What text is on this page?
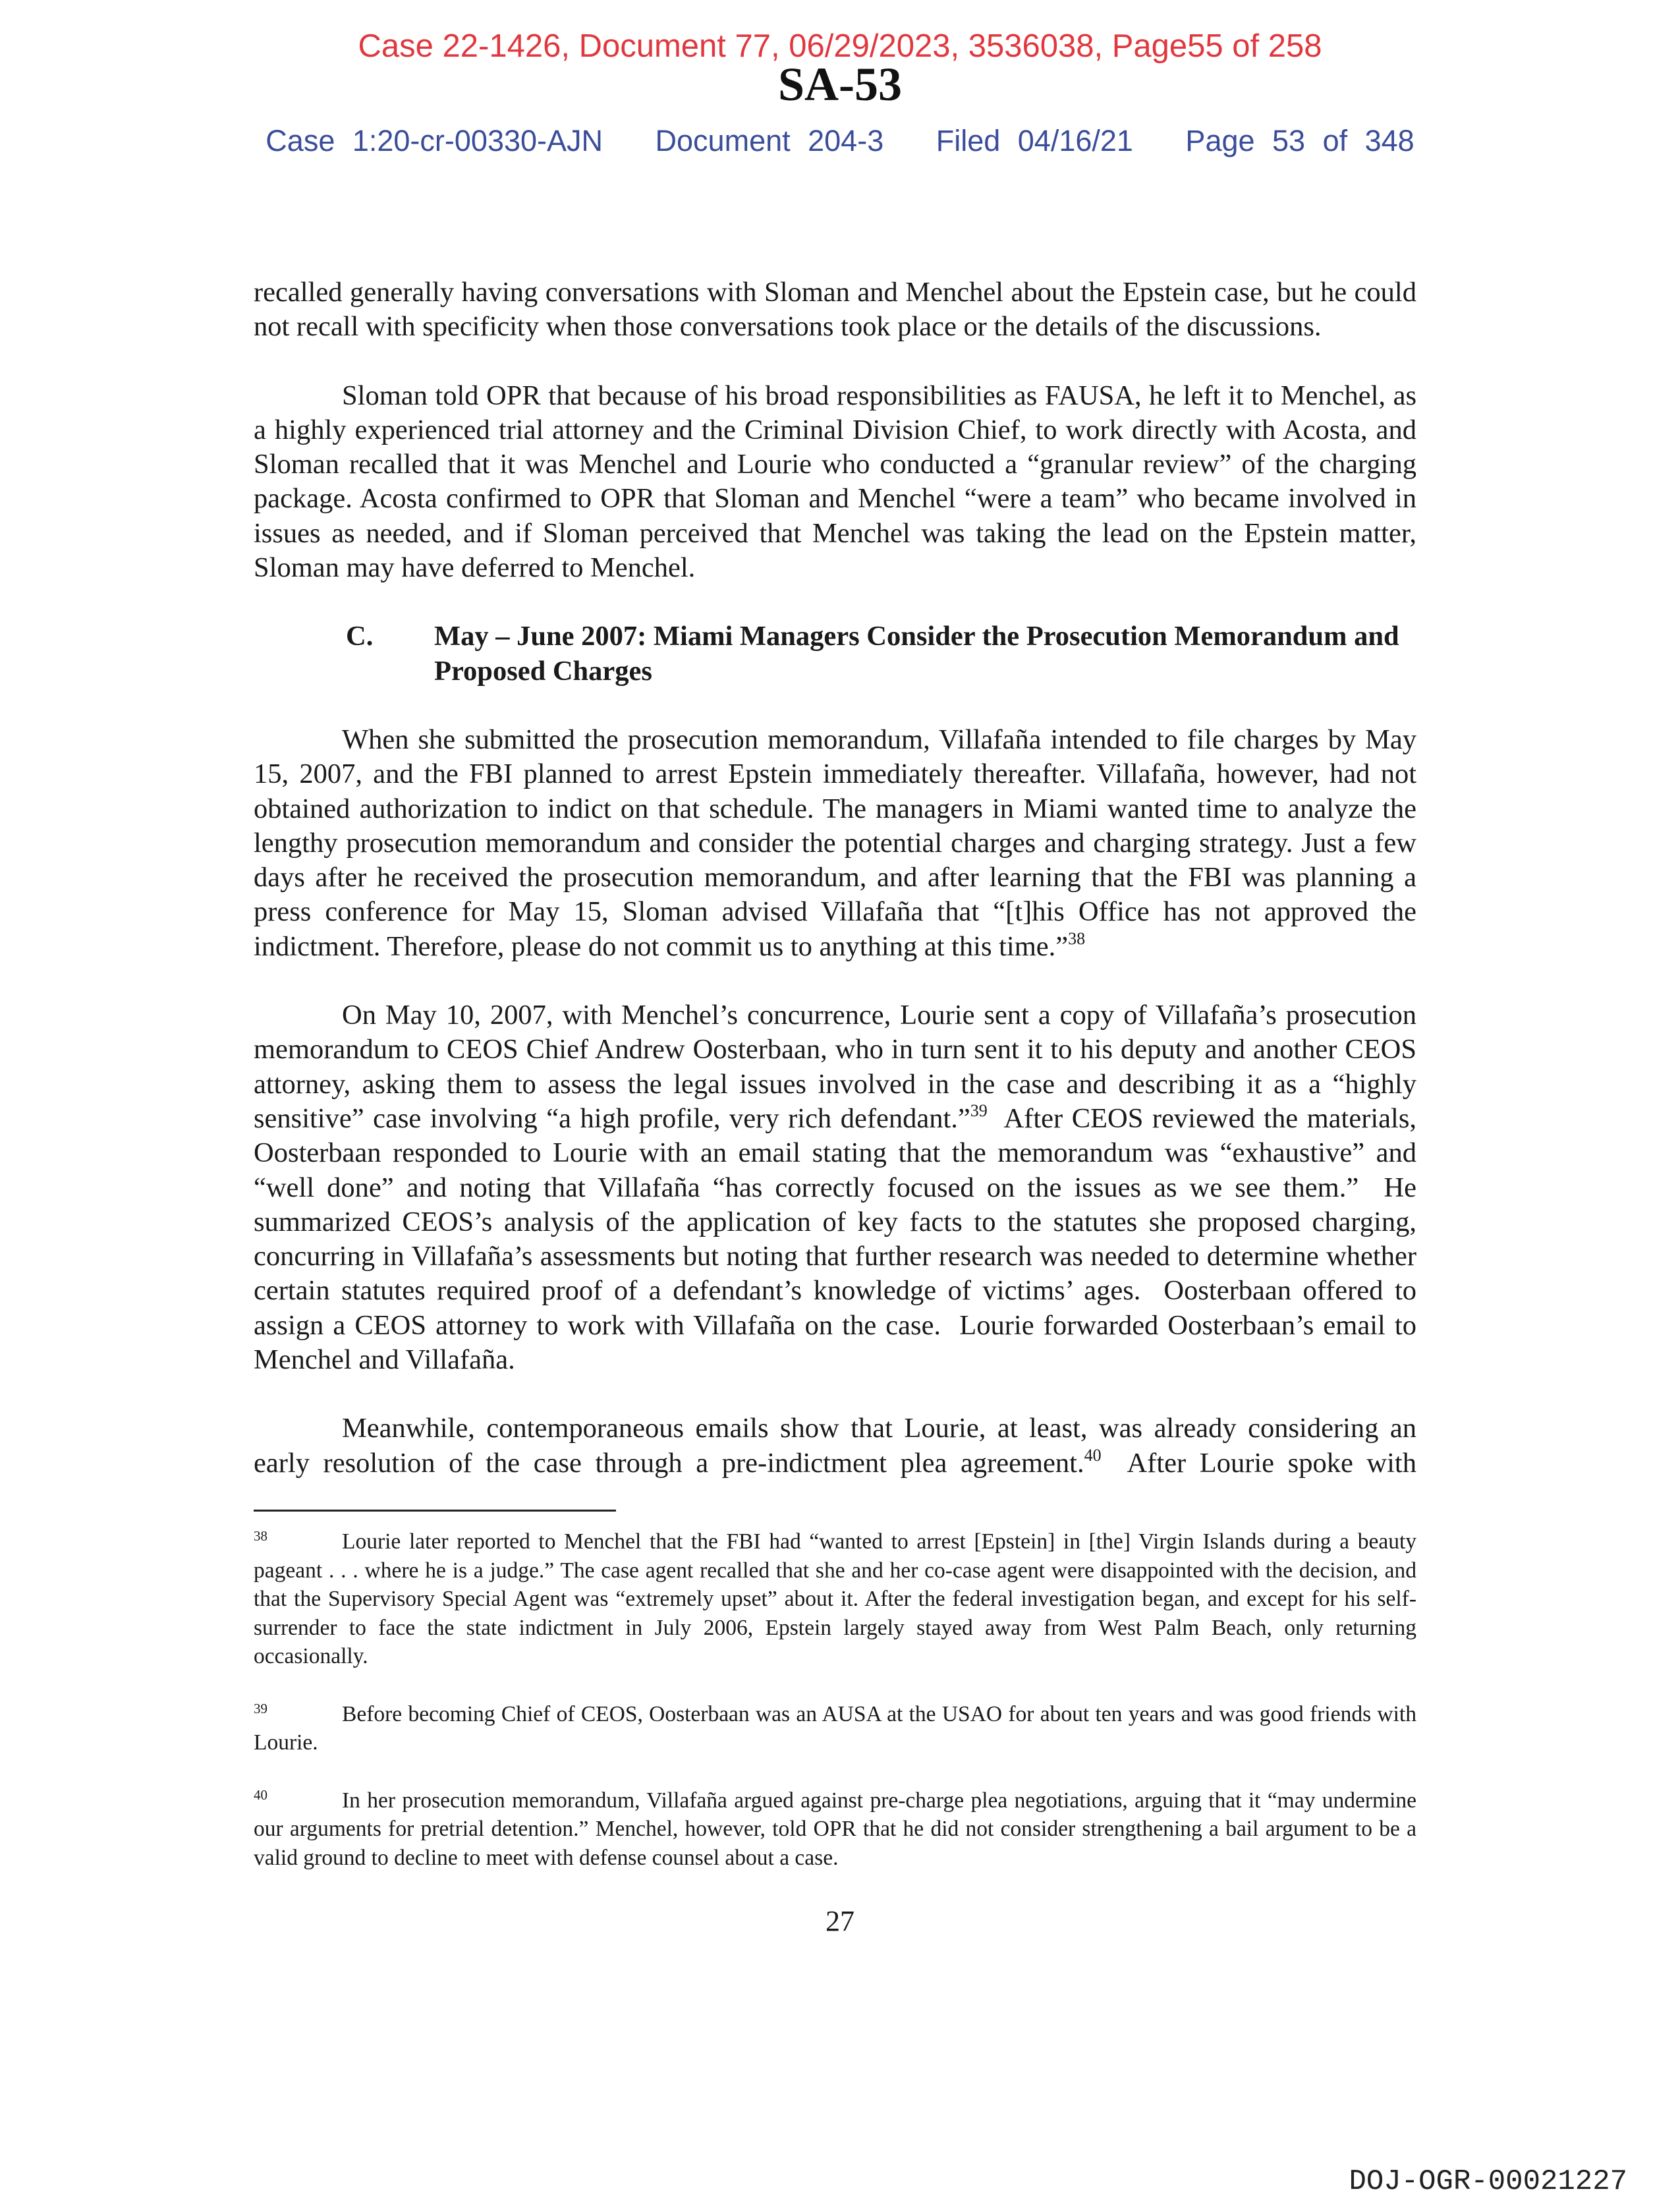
Case 22-1426, Document 77, 06/29/2023, 3536038, Page55 of 258
SA-53
Case 1:20-cr-00330-AJN   Document 204-3   Filed 04/16/21   Page 53 of 348

recalled generally having conversations with Sloman and Menchel about the Epstein case, but he could not recall with specificity when those conversations took place or the details of the discussions.

Sloman told OPR that because of his broad responsibilities as FAUSA, he left it to Menchel, as a highly experienced trial attorney and the Criminal Division Chief, to work directly with Acosta, and Sloman recalled that it was Menchel and Lourie who conducted a “granular review” of the charging package. Acosta confirmed to OPR that Sloman and Menchel “were a team” who became involved in issues as needed, and if Sloman perceived that Menchel was taking the lead on the Epstein matter, Sloman may have deferred to Menchel.

C.	May – June 2007: Miami Managers Consider the Prosecution Memorandum and Proposed Charges

When she submitted the prosecution memorandum, Villafaña intended to file charges by May 15, 2007, and the FBI planned to arrest Epstein immediately thereafter. Villafaña, however, had not obtained authorization to indict on that schedule. The managers in Miami wanted time to analyze the lengthy prosecution memorandum and consider the potential charges and charging strategy. Just a few days after he received the prosecution memorandum, and after learning that the FBI was planning a press conference for May 15, Sloman advised Villafaña that “[t]his Office has not approved the indictment. Therefore, please do not commit us to anything at this time.”$^{38}$

On May 10, 2007, with Menchel’s concurrence, Lourie sent a copy of Villafaña’s prosecution memorandum to CEOS Chief Andrew Oosterbaan, who in turn sent it to his deputy and another CEOS attorney, asking them to assess the legal issues involved in the case and describing it as a “highly sensitive” case involving “a high profile, very rich defendant.”$^{39}$  After CEOS reviewed the materials, Oosterbaan responded to Lourie with an email stating that the memorandum was “exhaustive” and “well done” and noting that Villafaña “has correctly focused on the issues as we see them.”  He summarized CEOS’s analysis of the application of key facts to the statutes she proposed charging, concurring in Villafaña’s assessments but noting that further research was needed to determine whether certain statutes required proof of a defendant’s knowledge of victims’ ages.  Oosterbaan offered to assign a CEOS attorney to work with Villafaña on the case.  Lourie forwarded Oosterbaan’s email to Menchel and Villafaña.

Meanwhile, contemporaneous emails show that Lourie, at least, was already considering an early resolution of the case through a pre-indictment plea agreement.$^{40}$  After Lourie spoke with

38	Lourie later reported to Menchel that the FBI had “wanted to arrest [Epstein] in [the] Virgin Islands during a beauty pageant . . . where he is a judge.” The case agent recalled that she and her co-case agent were disappointed with the decision, and that the Supervisory Special Agent was “extremely upset” about it. After the federal investigation began, and except for his self-surrender to face the state indictment in July 2006, Epstein largely stayed away from West Palm Beach, only returning occasionally.

39	Before becoming Chief of CEOS, Oosterbaan was an AUSA at the USAO for about ten years and was good friends with Lourie.

40	In her prosecution memorandum, Villafaña argued against pre-charge plea negotiations, arguing that it “may undermine our arguments for pretrial detention.” Menchel, however, told OPR that he did not consider strengthening a bail argument to be a valid ground to decline to meet with defense counsel about a case.

27
DOJ-OGR-00021227
